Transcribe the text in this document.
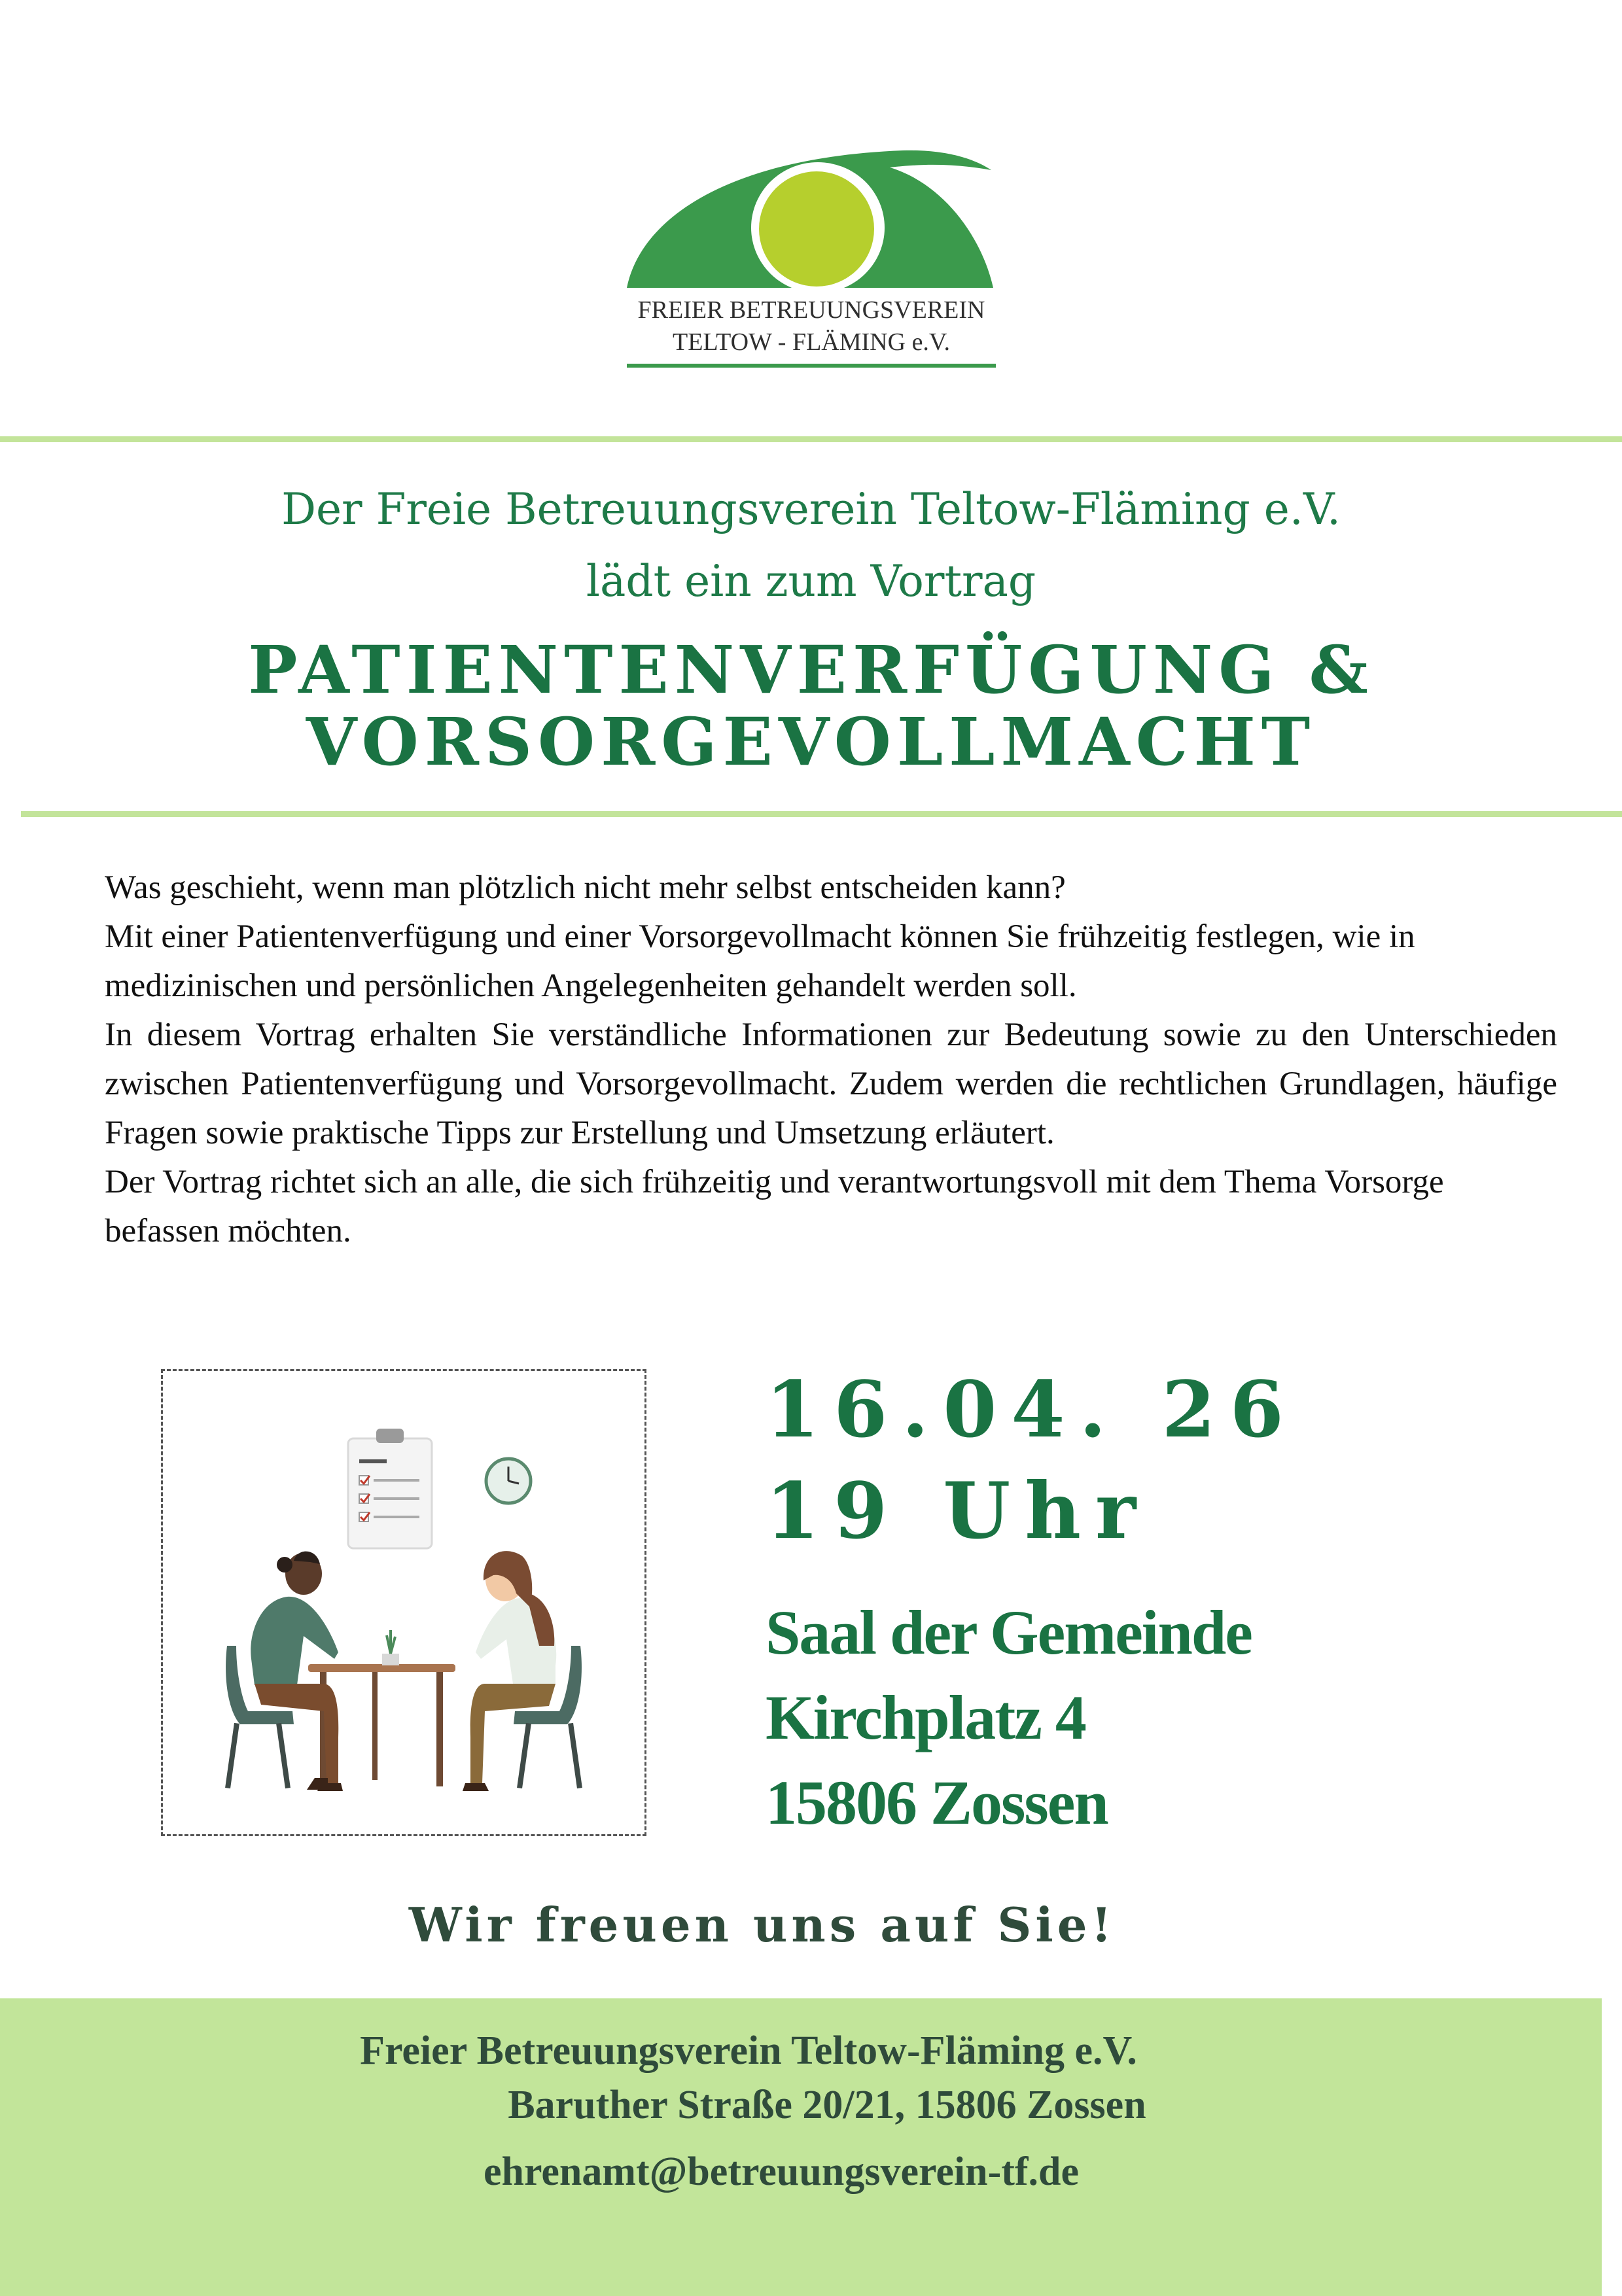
FREIER BETREUUNGSVEREIN
TELTOW - FLÄMING e.V.
Der Freie Betreuungsverein Teltow-Fläming e.V.
lädt ein zum Vortrag
PATIENTENVERFÜGUNG &
VORSORGEVOLLMACHT

Was geschieht, wenn man plötzlich nicht mehr selbst entscheiden kann?

Mit einer Patientenverfügung und einer Vorsorgevollmacht können Sie frühzeitig festlegen, wie in medizinischen und persönlichen Angelegenheiten gehandelt werden soll.

In diesem Vortrag erhalten Sie verständliche Informationen zur Bedeutung sowie zu den Unterschieden zwischen Patientenverfügung und Vorsorgevollmacht. Zudem werden die rechtlichen Grundlagen, häufige Fragen sowie praktische Tipps zur Erstellung und Umsetzung erläutert.

Der Vortrag richtet sich an alle, die sich frühzeitig und verantwortungsvoll mit dem Thema Vorsorge befassen möchten.

16.04. 26
19 Uhr
Saal der Gemeinde
Kirchplatz 4
15806 Zossen
Wir freuen uns auf Sie!
Freier Betreuungsverein Teltow-Fläming e.V.
Baruther Straße 20/21, 15806 Zossen
ehrenamt@betreuungsverein-tf.de
